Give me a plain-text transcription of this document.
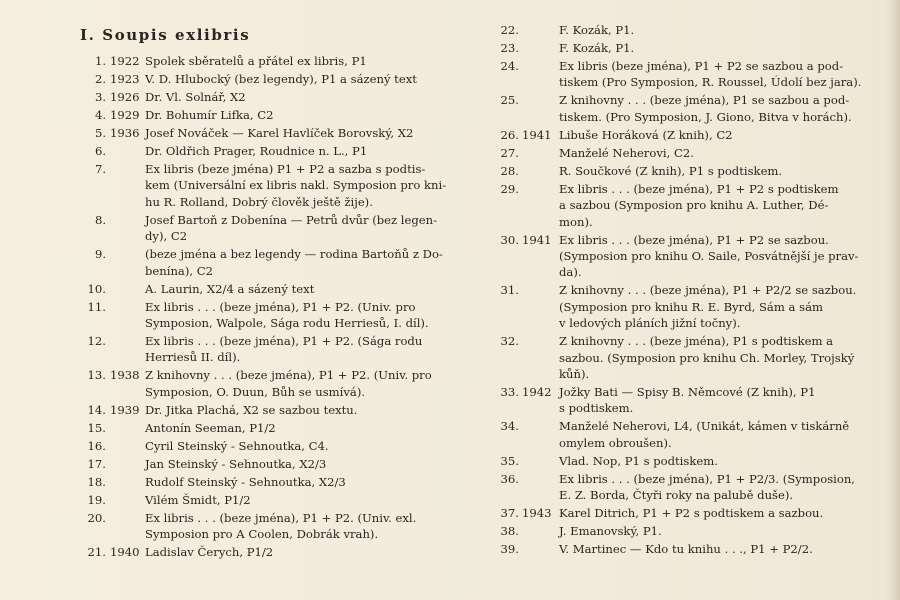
I. Soupis exlibris
1. 1922 Spolek sběratelů a přátel ex libris, P1
2. 1923 V. D. Hlubocký (bez legendy), P1 a sázený text
3. 1926 Dr. Vl. Solnář, X2
4. 1929 Dr. Bohumír Lifka, C2
5. 1936 Josef Nováček — Karel Havlíček Borovský, X2
6.	Dr. Oldřich Prager, Roudnice n. L., P1
7.	Ex libris (beze jména) P1 + P2 a sazba s podtis-
kem (Universální ex libris nakl. Symposion pro kni-
hu R. Rolland, Dobrý člověk ještě žije).
8.	Josef Bartoň z Dobenína — Petrů dvůr (bez legen-
dy), C2
9.	(beze jména a bez legendy — rodina Bartoňů z Do-
benína), C2
10.	A. Laurin, X2/4 a sázený text
11.	Ex libris . . . (beze jména), P1 + P2. (Univ. pro
Symposion, Walpole, Sága rodu Herriesů, I. díl).
12.	Ex libris . . . (beze jména), P1 + P2. (Sága rodu
Herriesů II. díl).
13. 1938 Z knihovny . . . (beze jména), P1 + P2. (Univ. pro
Symposion, O. Duun, Bůh se usmívá).
14. 1939 Dr. Jitka Plachá, X2 se sazbou textu.
15.	Antonín Seeman, P1/2
16.	Cyril Steinský - Sehnoutka, C4.
17.	Jan Steinský - Sehnoutka, X2/3
18.	Rudolf Steinský - Sehnoutka, X2/3
19.	Vilém Šmidt, P1/2
20.	Ex libris . . . (beze jména), P1 + P2. (Univ. exl.
Symposion pro A Coolen, Dobrák vrah).
21. 1940 Ladislav Čerych, P1/2
22.	F. Kozák, P1.
23.	F. Kozák, P1.
24.	Ex libris (beze jména), P1 + P2 se sazbou a pod-
tiskem (Pro Symposion, R. Roussel, Údolí bez jara).
25.	Z knihovny . . . (beze jména), P1 se sazbou a pod-
tiskem. (Pro Symposion, J. Giono, Bitva v horách).
26. 1941 Libuše Horáková (Z knih), C2
27.	Manželé Neherovi, C2.
28.	R. Součkové (Z knih), P1 s podtiskem.
29.	Ex libris . . . (beze jména), P1 + P2 s podtiskem
a sazbou (Symposion pro knihu A. Luther, Dé-
mon).
30. 1941 Ex libris . . . (beze jména), P1 + P2 se sazbou.
(Symposion pro knihu O. Saile, Posvátnější je prav-
da).
31.	Z knihovny . . . (beze jména), P1 + P2/2 se sazbou.
(Symposion pro knihu R. E. Byrd, Sám a sám
v ledových pláních jižní točny).
32.	Z knihovny . . . (beze jména), P1 s podtiskem a
sazbou. (Symposion pro knihu Ch. Morley, Trojský
kůň).
33. 1942 Jožky Bati — Spisy B. Němcové (Z knih), P1
s podtiskem.
34.	Manželé Neherovi, L4, (Unikát, kámen v tiskárně
omylem obroušen).
35.	Vlad. Nop, P1 s podtiskem.
36.	Ex libris . . . (beze jména), P1 + P2/3. (Symposion,
E. Z. Borda, Čtyři roky na palubě duše).
37. 1943 Karel Ditrich, P1 + P2 s podtiskem a sazbou.
38.	J. Emanovský, P1.
39.	V. Martinec — Kdo tu knihu . . ., P1 + P2/2.
